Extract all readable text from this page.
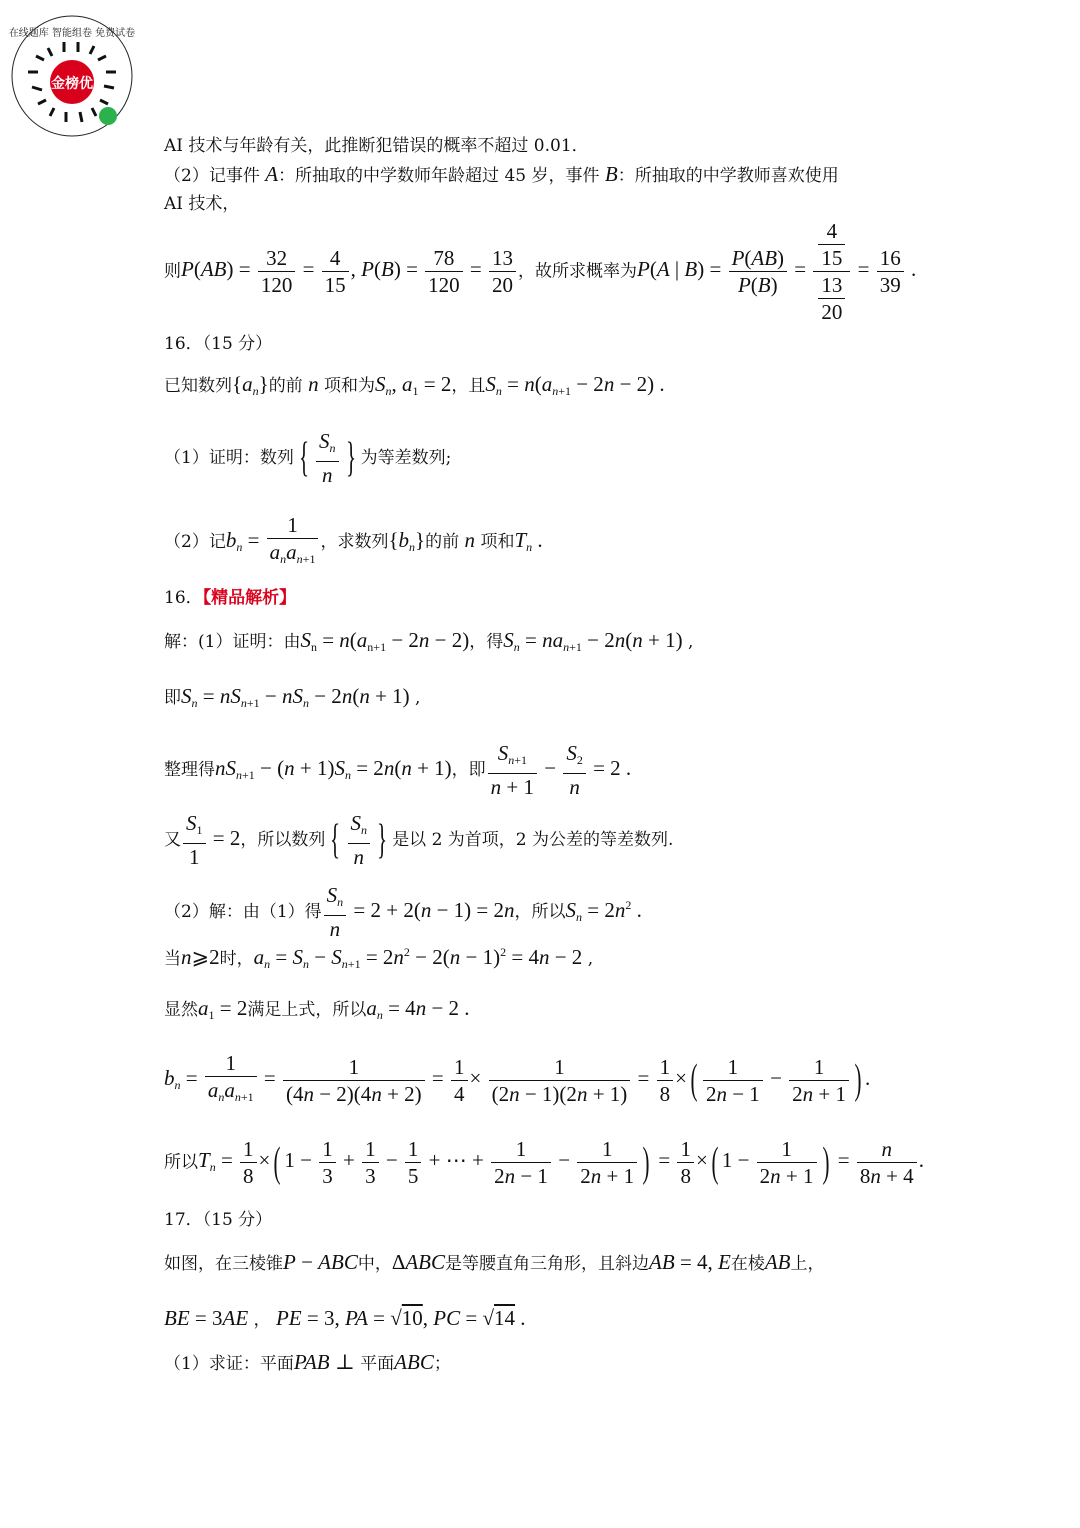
金榜优
在线题库 智能组卷 免费试卷
AI 技术与年龄有关，此推断犯错误的概率不超过 0.01．
（2）记事件 A：所抽取的中学数师年龄超过 45 岁，事件 B：所抽取的中学教师喜欢使用
AI 技术，
则$P(AB) = \frac{32}{120} = \frac{4}{15}$ , $P(B) = \frac{78}{120} = \frac{13}{20}$ ，故所求概率为P(A | $B) = \frac{P(AB)}{P(B)} = \frac{\frac{4}{15}}{\frac{13}{20}} = \frac{16}{39}$ .
16．（15 分）
已知数列$\{a_n\}$的前 n 项和为$S_n$, $a_1 = 2$，且$S_n = n(a_{n+1} - 2n - 2)$ .
（1）证明：数列 { $\frac{S_n}{n}$ } 为等差数列;
（2）记$b_n = \frac{1}{a_na_{n+1}}$ ，求数列$\{b_n\}$的前 n 项和$T_n$ .
16．【精品解析】
解：(1）证明：由$S_n = n(a_{n+1} - 2n - 2)$，得$S_n = na_{n+1} - 2n(n + 1)$ ,
即$S_n = nS_{n+1} - nS_n - 2n(n + 1)$ ,
整理得$nS_{n+1} - (n + 1)S_n = 2n(n + 1)$，即 $\frac{S_{n+1}}{n + 1} - \frac{S_2}{n} = 2$ .
又 $\frac{S_1}{1} = 2$，所以数列 { $\frac{S_n}{n}$ } 是以 2 为首项，2 为公差的等差数列.
（2）解：由（1）得 $\frac{S_n}{n} = 2 + 2(n - 1) = 2n$，所以$S_n = 2n^2$ .
当n⩾2时，$a_n = S_n - S_{n+1} = 2n^2 - 2(n - 1)^2 = 4n - 2$ ,
显然$a_1 = 2$满足上式，所以$a_n = 4n - 2$ .
$b_n = \frac{1}{a_na_{n+1}} = \frac{1}{(4n - 2)(4n + 2)} = \frac{1}{4} \times \frac{1}{(2n - 1)(2n + 1)} = \frac{1}{8}$ ×( $\frac{1}{2n - 1} - \frac{1}{2n + 1}$ ) .
所以$T_n = \frac{1}{8}$ ×( $1 - \frac{1}{3} + \frac{1}{3} - \frac{1}{5}$ + ⋯ + $\frac{1}{2n - 1} - \frac{1}{2n + 1}$ ) = $\frac{1}{8}$ ×( $1 - \frac{1}{2n + 1}$ ) = $\frac{n}{8n + 4}$ .
17．（15 分）
如图，在三棱锥P − ABC中，ΔABC是等腰直角三角形，且斜边AB = 4, E在棱AB上，
BE = 3AE ， PE = 3, PA = √10, PC = √14 .
（1）求证：平面PAB ⊥ 平面ABC；
